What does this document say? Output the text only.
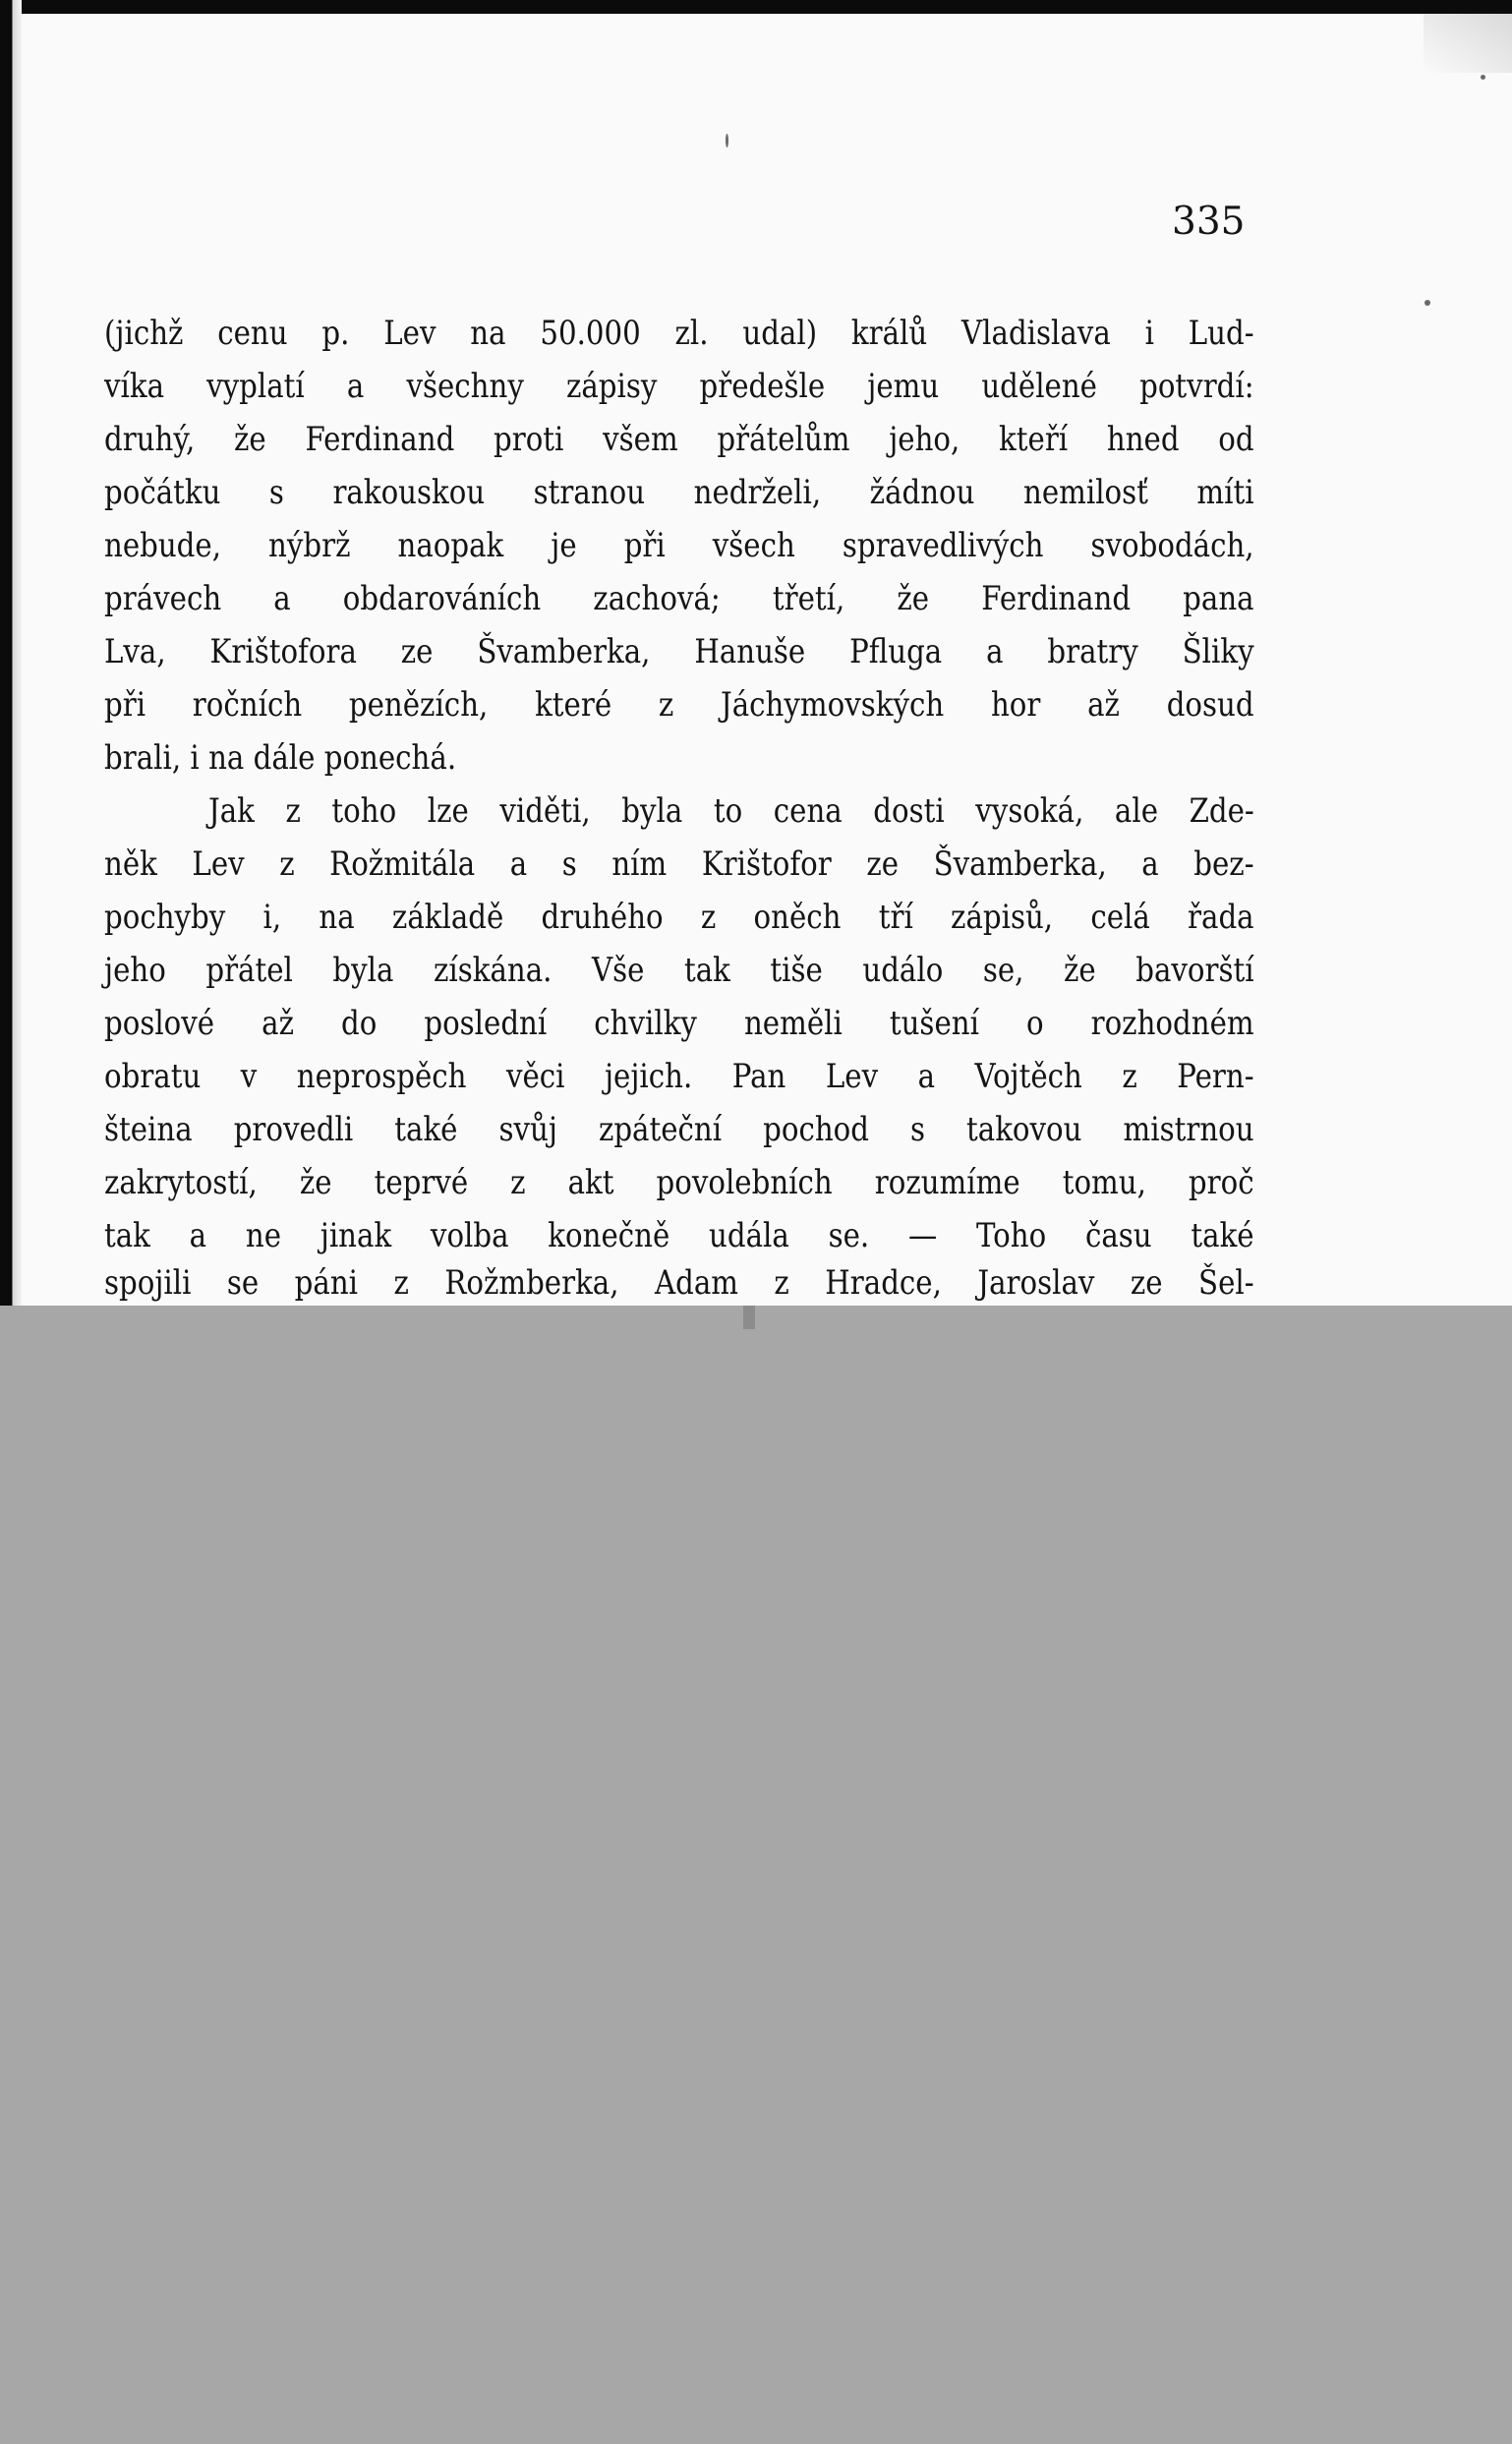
335
(jichž cenu p. Lev na 50.000 zl. udal) králů Vladislava i Lud-
víka vyplatí a všechny zápisy předešle jemu udělené potvrdí:
druhý, že Ferdinand proti všem přátelům jeho, kteří hned od
počátku s rakouskou stranou nedrželi, žádnou nemilosť míti
nebude, nýbrž naopak je při všech spravedlivých svobodách,
právech a obdarováních zachová; třetí, že Ferdinand pana
Lva, Krištofora ze Švamberka, Hanuše Pfluga a bratry Šliky
při ročních penězích, které z Jáchymovských hor až dosud
brali, i na dále ponechá.
Jak z toho lze viděti, byla to cena dosti vysoká, ale Zde-
něk Lev z Rožmitála a s ním Krištofor ze Švamberka, a bez-
pochyby i, na základě druhého z oněch tří zápisů, celá řada
jeho přátel byla získána. Vše tak tiše událo se, že bavorští
poslové až do poslední chvilky neměli tušení o rozhodném
obratu v neprospěch věci jejich. Pan Lev a Vojtěch z Pern-
šteina provedli také svůj zpáteční pochod s takovou mistrnou
zakrytostí, že teprvé z akt povolebních rozumíme tomu, proč
tak a ne jinak volba konečně udála se. — Toho času také
spojili se páni z Rožmberka, Adam z Hradce, Jaroslav ze Šel-
